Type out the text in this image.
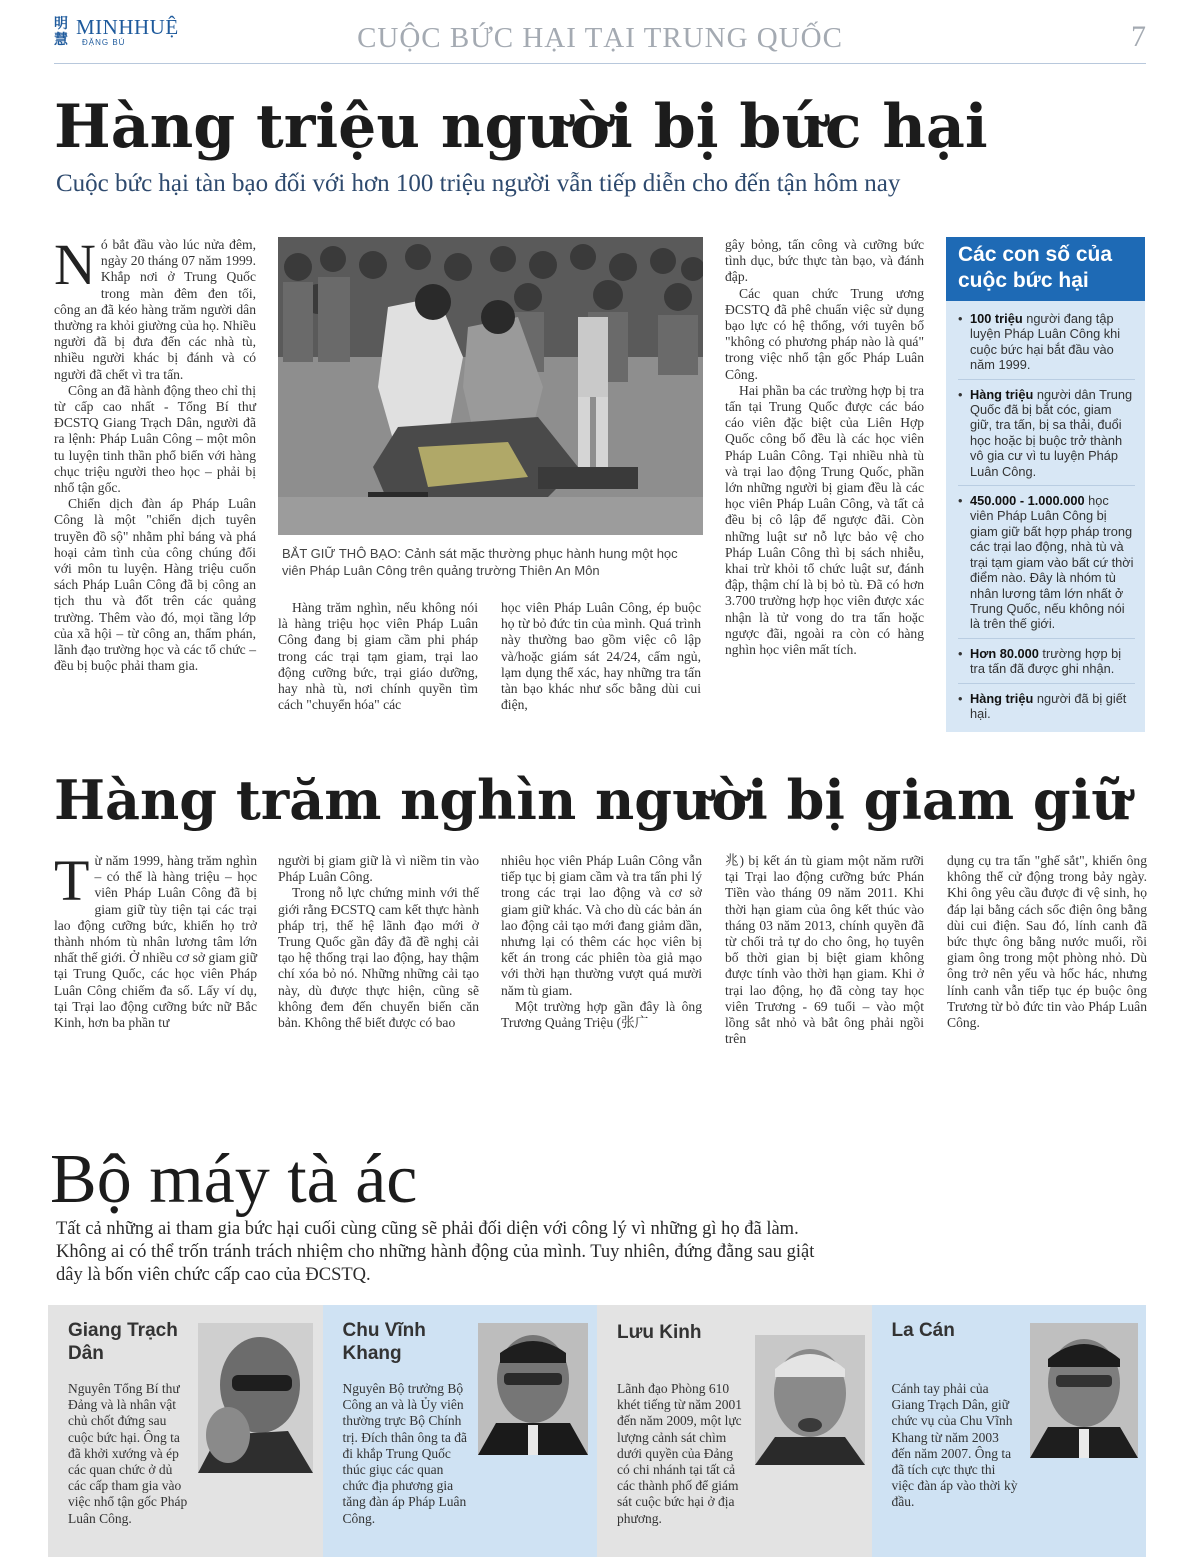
明慧
MINHHUỆ
ĐẶNG BÚ	CUỘC BỨC HẠI TẠI TRUNG QUỐC	7
Hàng triệu người bị bức hại
Cuộc bức hại tàn bạo đối với hơn 100 triệu người vẫn tiếp diễn cho đến tận hôm nay

Nó bắt đầu vào lúc nửa đêm, ngày 20 tháng 07 năm 1999. Khắp nơi ở Trung Quốc trong màn đêm đen tối, công an đã kéo hàng trăm người dân thường ra khỏi giường của họ. Nhiều người đã bị đưa đến các nhà tù, nhiều người khác bị đánh và có người đã chết vì tra tấn.

Công an đã hành động theo chỉ thị từ cấp cao nhất - Tổng Bí thư ĐCSTQ Giang Trạch Dân, người đã ra lệnh: Pháp Luân Công – một môn tu luyện tinh thần phổ biến với hàng chục triệu người theo học – phải bị nhổ tận gốc.

Chiến dịch đàn áp Pháp Luân Công là một "chiến dịch tuyên truyền đồ sộ" nhằm phỉ báng và phá hoại cảm tình của công chúng đối với môn tu luyện. Hàng triệu cuốn sách Pháp Luân Công đã bị công an tịch thu và đốt trên các quảng trường. Thêm vào đó, mọi tầng lớp của xã hội – từ công an, thẩm phán, lãnh đạo trường học và các tổ chức – đều bị buộc phải tham gia.

BẮT GIỮ THÔ BẠO: Cảnh sát mặc thường phục hành hung một học viên Pháp Luân Công trên quảng trường Thiên An Môn

Hàng trăm nghìn, nếu không nói là hàng triệu học viên Pháp Luân Công đang bị giam cầm phi pháp trong các trại tạm giam, trại lao động cưỡng bức, trại giáo dưỡng, hay nhà tù, nơi chính quyền tìm cách "chuyển hóa" các

học viên Pháp Luân Công, ép buộc họ từ bỏ đức tin của mình. Quá trình này thường bao gồm việc cô lập và/hoặc giám sát 24/24, cấm ngủ, lạm dụng thể xác, hay những tra tấn tàn bạo khác như sốc bằng dùi cui điện,

gây bỏng, tấn công và cưỡng bức tình dục, bức thực tàn bạo, và đánh đập.

Các quan chức Trung ương ĐCSTQ đã phê chuẩn việc sử dụng bạo lực có hệ thống, với tuyên bố "không có phương pháp nào là quá" trong việc nhổ tận gốc Pháp Luân Công.

Hai phần ba các trường hợp bị tra tấn tại Trung Quốc được các báo cáo viên đặc biệt của Liên Hợp Quốc công bố đều là các học viên Pháp Luân Công. Tại nhiều nhà tù và trại lao động Trung Quốc, phần lớn những người bị giam đều là các học viên Pháp Luân Công, và tất cả đều bị cô lập để ngược đãi. Còn những luật sư nỗ lực bảo vệ cho Pháp Luân Công thì bị sách nhiễu, khai trừ khỏi tổ chức luật sư, đánh đập, thậm chí là bị bỏ tù. Đã có hơn 3.700 trường hợp học viên được xác nhận là tử vong do tra tấn hoặc ngược đãi, ngoài ra còn có hàng nghìn học viên mất tích.

Các con số của cuộc bức hại
• 100 triệu người đang tập luyện Pháp Luân Công khi cuộc bức hại bắt đầu vào năm 1999.
• Hàng triệu người dân Trung Quốc đã bị bắt cóc, giam giữ, tra tấn, bị sa thải, đuổi học hoặc bị buộc trở thành vô gia cư vì tu luyện Pháp Luân Công.
• 450.000 - 1.000.000 học viên Pháp Luân Công bị giam giữ bất hợp pháp trong các trại lao động, nhà tù và trại tạm giam vào bất cứ thời điểm nào. Đây là nhóm tù nhân lương tâm lớn nhất ở Trung Quốc, nếu không nói là trên thế giới.
• Hơn 80.000 trường hợp bị tra tấn đã được ghi nhận.
• Hàng triệu người đã bị giết hại.
Hàng trăm nghìn người bị giam giữ

Từ năm 1999, hàng trăm nghìn – có thể là hàng triệu – học viên Pháp Luân Công đã bị giam giữ tùy tiện tại các trại lao động cưỡng bức, khiến họ trở thành nhóm tù nhân lương tâm lớn nhất thế giới. Ở nhiều cơ sở giam giữ tại Trung Quốc, các học viên Pháp Luân Công chiếm đa số. Lấy ví dụ, tại Trại lao động cưỡng bức nữ Bắc Kinh, hơn ba phần tư

người bị giam giữ là vì niềm tin vào Pháp Luân Công.

Trong nỗ lực chứng minh với thế giới rằng ĐCSTQ cam kết thực hành pháp trị, thế hệ lãnh đạo mới ở Trung Quốc gần đây đã đề nghị cải tạo hệ thống trại lao động, hay thậm chí xóa bỏ nó. Những những cải tạo này, dù được thực hiện, cũng sẽ không đem đến chuyển biến căn bản. Không thể biết được có bao

nhiêu học viên Pháp Luân Công vẫn tiếp tục bị giam cầm và tra tấn phi lý trong các trại lao động và cơ sở giam giữ khác. Và cho dù các bản án lao động cải tạo mới đang giảm dần, nhưng lại có thêm các học viên bị kết án trong các phiên tòa giả mạo với thời hạn thường vượt quá mười năm tù giam.

Một trường hợp gần đây là ông Trương Quảng Triệu (张广

兆) bị kết án tù giam một năm rưỡi tại Trại lao động cưỡng bức Phán Tiền vào tháng 09 năm 2011. Khi thời hạn giam của ông kết thúc vào tháng 03 năm 2013, chính quyền đã từ chối trả tự do cho ông, họ tuyên bố thời gian bị biệt giam không được tính vào thời hạn giam. Khi ở trại lao động, họ đã còng tay học viên Trương - 69 tuổi – vào một lồng sắt nhỏ và bắt ông phải ngồi trên

dụng cụ tra tấn "ghế sắt", khiến ông không thể cử động trong bảy ngày. Khi ông yêu cầu được đi vệ sinh, họ đáp lại bằng cách sốc điện ông bằng dùi cui điện. Sau đó, lính canh đã bức thực ông bằng nước muối, rồi giam ông trong một phòng nhỏ. Dù ông trở nên yếu và hốc hác, nhưng lính canh vẫn tiếp tục ép buộc ông Trương từ bỏ đức tin vào Pháp Luân Công.

Bộ máy tà ác
Tất cả những ai tham gia bức hại cuối cùng cũng sẽ phải đối diện với công lý vì những gì họ đã làm. Không ai có thể trốn tránh trách nhiệm cho những hành động của mình. Tuy nhiên, đứng đằng sau giật dây là bốn viên chức cấp cao của ĐCSTQ.
Giang Trạch Dân
Nguyên Tổng Bí thư Đảng và là nhân vật chủ chốt đứng sau cuộc bức hại. Ông ta đã khởi xướng và ép các quan chức ở dủ các cấp tham gia vào việc nhổ tận gốc Pháp Luân Công.
Chu Vĩnh Khang
Nguyên Bộ trưởng Bộ Công an và là Ủy viên thường trực Bộ Chính trị. Đích thân ông ta đã đi khắp Trung Quốc thúc giục các quan chức địa phương gia tăng đàn áp Pháp Luân Công.
Lưu Kinh
Lãnh đạo Phòng 610 khét tiếng từ năm 2001 đến năm 2009, một lực lượng cảnh sát chìm dưới quyền của Đảng có chi nhánh tại tất cả các thành phố để giám sát cuộc bức hại ở địa phương.
La Cán
Cánh tay phải của Giang Trạch Dân, giữ chức vụ của Chu Vĩnh Khang từ năm 2003 đến năm 2007. Ông ta đã tích cực thực thi việc đàn áp vào thời kỳ đầu.
